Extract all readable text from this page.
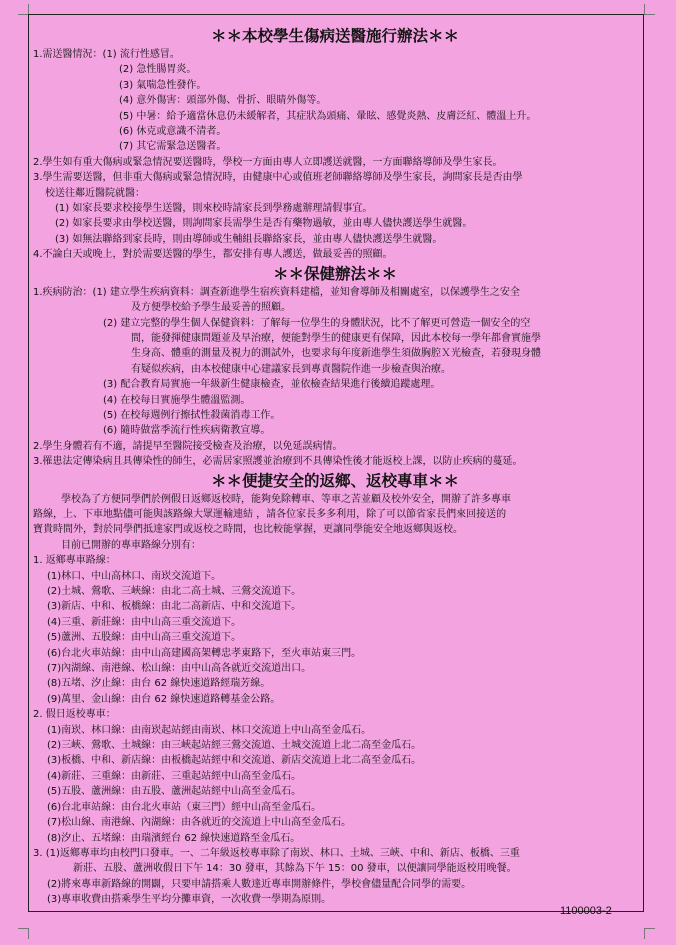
＊＊本校學生傷病送醫施行辦法＊＊
1.需送醫情況：(1) 流行性感冒。
(2) 急性腸胃炎。
(3) 氣喘急性發作。
(4) 意外傷害：頭部外傷、骨折、眼睛外傷等。
(5) 中暑：給予適當休息仍未緩解者，其症狀為頭痛、暈眩、感覺炎熱、皮膚泛紅、體溫上升。
(6) 休克或意識不清者。
(7) 其它需緊急送醫者。
2.學生如有重大傷病或緊急情況要送醫時，學校一方面由專人立即護送就醫，一方面聯絡導師及學生家長。
3.學生需要送醫，但非重大傷病或緊急情況時，由健康中心或值班老師聯絡導師及學生家長，詢問家長是否由學
校送往鄰近醫院就醫：
(1) 如家長要求校接學生送醫，則來校時請家長到學務處辦理請假事宜。
(2) 如家長要求由學校送醫，則詢問家長需學生是否有藥物過敏，並由專人儘快護送學生就醫。
(3) 如無法聯絡到家長時，則由導師或生輔組長聯絡家長，並由專人儘快護送學生就醫。
4.不論白天或晚上，對於需要送醫的學生，都安排有專人護送，做最妥善的照顧。
＊＊保健辦法＊＊
1.疾病防治：(1) 建立學生疾病資料：調查新進學生宿疾資料建檔，並知會導師及相關處室，以保護學生之安全
及方便學校給予學生最妥善的照顧。
(2) 建立完整的學生個人保健資料：了解每一位學生的身體狀況，比不了解更可營造一個安全的空
間，能發揮健康問題並及早治療，便能對學生的健康更有保障，因此本校每一學年都會實施學
生身高、體重的測量及視力的測試外，也要求每年度新進學生須做胸腔Ｘ光檢查，若發現身體
有疑似疾病，由本校健康中心建議家長到專責醫院作進一步檢查與治療。
(3) 配合教育局實施一年級新生健康檢查，並依檢查結果進行後續追蹤處理。
(4) 在校每日實施學生體溫監測。
(5) 在校每週例行擦拭性殺菌消毒工作。
(6) 隨時做當季流行性疾病衛教宣導。
2.學生身體若有不適，請提早至醫院接受檢查及治療，以免延誤病情。
3.罹患法定傳染病且具傳染性的師生，必需居家照護並治療到不具傳染性後才能返校上課，以防止疾病的蔓延。
＊＊便捷安全的返鄉、返校專車＊＊
學校為了方便同學們於例假日返鄉返校時，能夠免除轉車、等車之苦並顧及校外安全，開辦了許多專車
路線，上、下車地點儘可能與該路線大眾運輸連結 ，請各位家長多多利用，除了可以節省家長們來回接送的
寶貴時間外，對於同學們抵達家門或返校之時間，也比較能掌握，更讓同學能安全地返鄉與返校。
目前已開辦的專車路線分別有：
1. 返鄉專車路線：
(1)林口、中山高林口、南崁交流道下。
(2)土城、鶯歌、三峽線：由北二高土城、三鶯交流道下。
(3)新店、中和、板橋線：由北二高新店、中和交流道下。
(4)三重、新莊線：由中山高三重交流道下。
(5)蘆洲、五股線：由中山高三重交流道下。
(6)台北火車站線：由中山高建國高架轉忠孝東路下，至火車站東三門。
(7)內湖線、南港線、松山線：由中山高各就近交流道出口。
(8)五堵、汐止線：由台 62 線快速道路經瑞芳線。
(9)萬里、金山線：由台 62 線快速道路轉基金公路。
2. 假日返校專車：
(1)南崁、林口線：由南崁起站經由南崁、林口交流道上中山高至金瓜石。
(2)三峽、鶯歌、土城線：由三峽起站經三鶯交流道、土城交流道上北二高至金瓜石。
(3)板橋、中和、新店線：由板橋起站經中和交流道、新店交流道上北二高至金瓜石。
(4)新莊、三重線：由新莊、三重起站經中山高至金瓜石。
(5)五股、蘆洲線：由五股、蘆洲起站經中山高至金瓜石。
(6)台北車站線：由台北火車站（東三門）經中山高至金瓜石。
(7)松山線、南港線、內湖線：由各就近的交流道上中山高至金瓜石。
(8)汐止、五堵線：由瑞濱經台 62 線快速道路至金瓜石。
3. (1)返鄉專車均由校門口發車。一、二年級返校專車除了南崁、林口、土城、三峽、中和、新店、板橋、三重
新莊、五股、蘆洲收假日下午 14：30 發車，其餘為下午 15：00 發車，以便讓同學能返校用晚餐。
(2)將來專車新路線的開闢，只要申請搭乘人數達近專車開辦條件，學校會儘量配合同學的需要。
(3)專車收費由搭乘學生平均分攤車資，一次收費一學期為原則。
1100003-2
